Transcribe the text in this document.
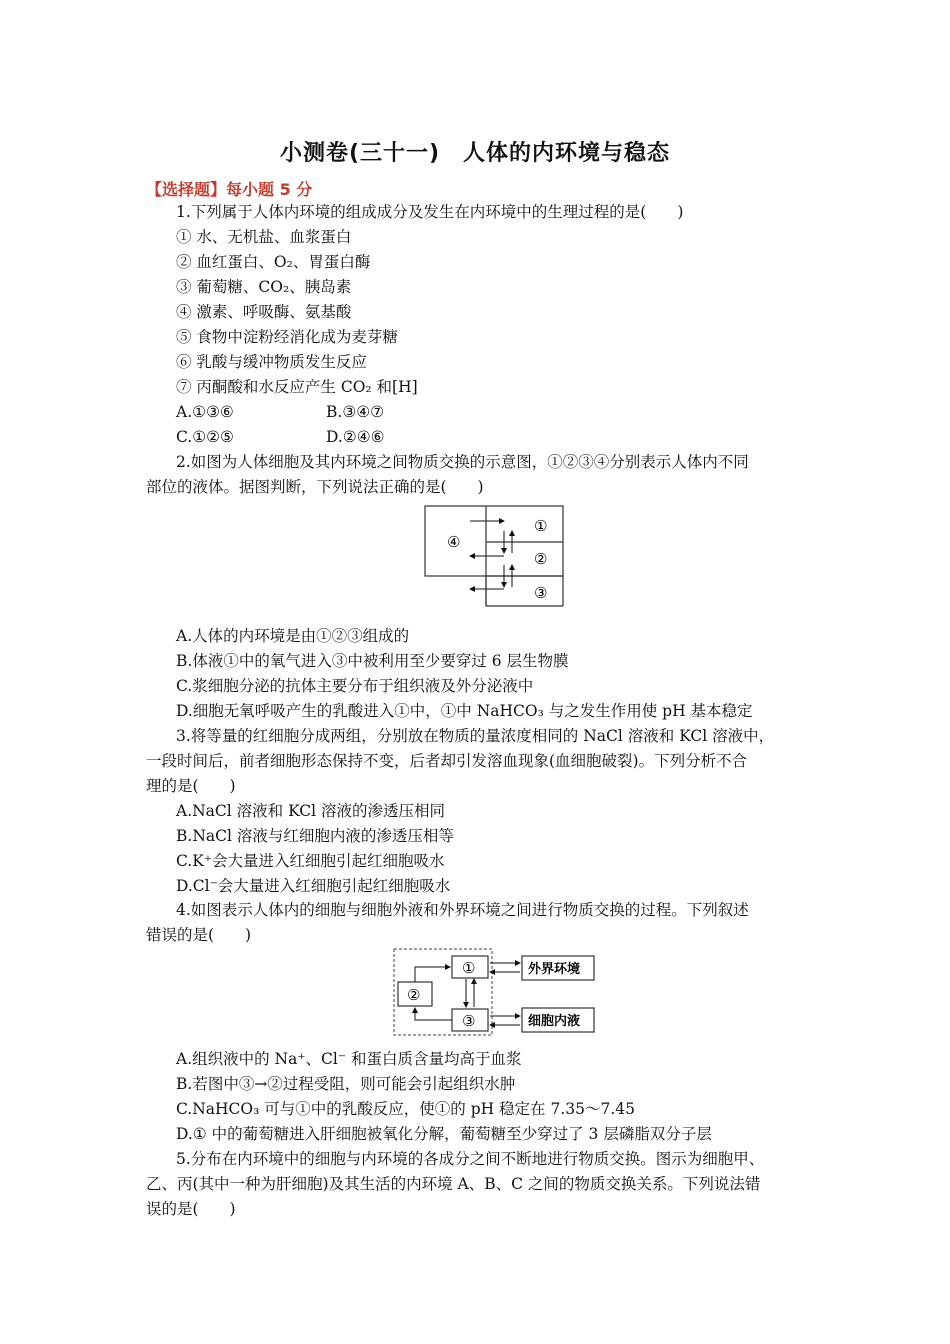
小测卷(三十一)　人体的内环境与稳态
【选择题】每小题 5 分
1.下列属于人体内环境的组成成分及发生在内环境中的生理过程的是(　　)
① 水、无机盐、血浆蛋白
② 血红蛋白、O₂、胃蛋白酶
③ 葡萄糖、CO₂、胰岛素
④ 激素、呼吸酶、氨基酸
⑤ 食物中淀粉经消化成为麦芽糖
⑥ 乳酸与缓冲物质发生反应
⑦ 丙酮酸和水反应产生 CO₂ 和[H]
A.①③⑥	B.③④⑦
C.①②⑤	D.②④⑥
2.如图为人体细胞及其内环境之间物质交换的示意图，①②③④分别表示人体内不同
部位的液体。据图判断，下列说法正确的是(　　)
④
①
②
③
A.人体的内环境是由①②③组成的
B.体液①中的氧气进入③中被利用至少要穿过 6 层生物膜
C.浆细胞分泌的抗体主要分布于组织液及外分泌液中
D.细胞无氧呼吸产生的乳酸进入①中，①中 NaHCO₃ 与之发生作用使 pH 基本稳定
3.将等量的红细胞分成两组，分别放在物质的量浓度相同的 NaCl 溶液和 KCl 溶液中，
一段时间后，前者细胞形态保持不变，后者却引发溶血现象(血细胞破裂)。下列分析不合
理的是(　　)
A.NaCl 溶液和 KCl 溶液的渗透压相同
B.NaCl 溶液与红细胞内液的渗透压相等
C.K⁺会大量进入红细胞引起红细胞吸水
D.Cl⁻会大量进入红细胞引起红细胞吸水
4.如图表示人体内的细胞与细胞外液和外界环境之间进行物质交换的过程。下列叙述
错误的是(　　)
①
②
③
外界环境
细胞内液
A.组织液中的 Na⁺、Cl⁻ 和蛋白质含量均高于血浆
B.若图中③→②过程受阻，则可能会引起组织水肿
C.NaHCO₃ 可与①中的乳酸反应，使①的 pH 稳定在 7.35～7.45
D.① 中的葡萄糖进入肝细胞被氧化分解，葡萄糖至少穿过了 3 层磷脂双分子层
5.分布在内环境中的细胞与内环境的各成分之间不断地进行物质交换。图示为细胞甲、
乙、丙(其中一种为肝细胞)及其生活的内环境 A、B、C 之间的物质交换关系。下列说法错
误的是(　　)
